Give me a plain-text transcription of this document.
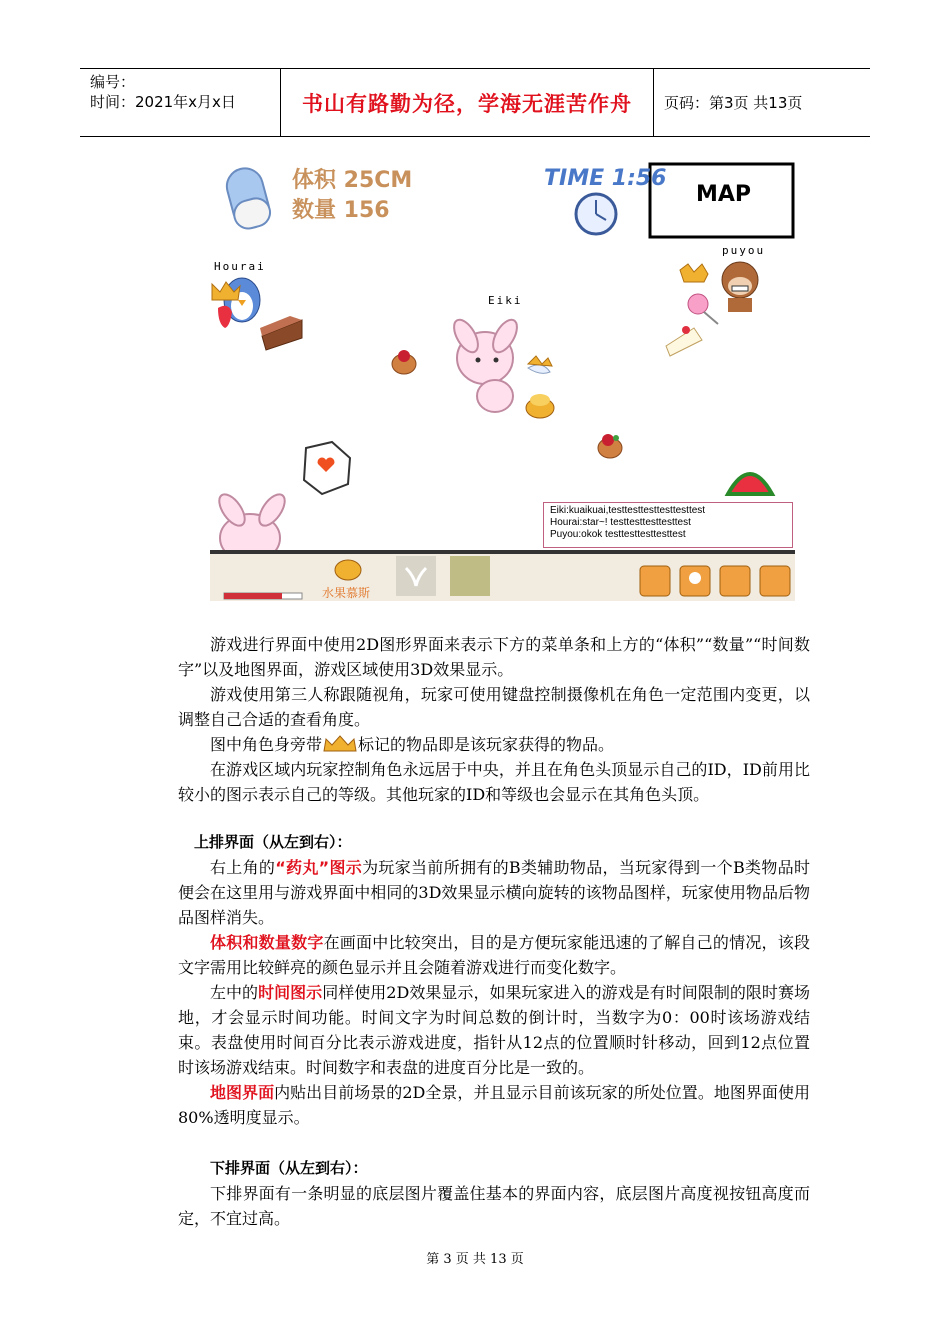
编号：
时间：2021年x月x日	书山有路勤为径，学海无涯苦作舟	页码：第3页 共13页
体积 25CM
数量 156
TIME 1:56
MAP
Hourai
Eiki
puyou
Eiki:kuaikuai,testtesttesttesttesttest
Hourai:star~! testtesttesttesttest
Puyou:okok testtesttesttesttest
水果慕斯

游戏进行界面中使用2D图形界面来表示下方的菜单条和上方的“体积”“数量”“时间数字”以及地图界面，游戏区域使用3D效果显示。

游戏使用第三人称跟随视角，玩家可使用键盘控制摄像机在角色一定范围内变更，以调整自己合适的查看角度。

图中角色身旁带 标记的物品即是该玩家获得的物品。

在游戏区域内玩家控制角色永远居于中央，并且在角色头顶显示自己的ID，ID前用比较小的图示表示自己的等级。其他玩家的ID和等级也会显示在其角色头顶。

上排界面（从左到右）：

右上角的“药丸”图示为玩家当前所拥有的B类辅助物品，当玩家得到一个B类物品时便会在这里用与游戏界面中相同的3D效果显示横向旋转的该物品图样，玩家使用物品后物品图样消失。

体积和数量数字在画面中比较突出，目的是方便玩家能迅速的了解自己的情况，该段文字需用比较鲜亮的颜色显示并且会随着游戏进行而变化数字。

左中的时间图示同样使用2D效果显示，如果玩家进入的游戏是有时间限制的限时赛场地，才会显示时间功能。时间文字为时间总数的倒计时，当数字为0：00时该场游戏结束。表盘使用时间百分比表示游戏进度，指针从12点的位置顺时针移动，回到12点位置时该场游戏结束。时间数字和表盘的进度百分比是一致的。

地图界面内贴出目前场景的2D全景，并且显示目前该玩家的所处位置。地图界面使用80%透明度显示。

下排界面（从左到右）：

下排界面有一条明显的底层图片覆盖住基本的界面内容，底层图片高度视按钮高度而定，不宜过高。

第 3 页 共 13 页
